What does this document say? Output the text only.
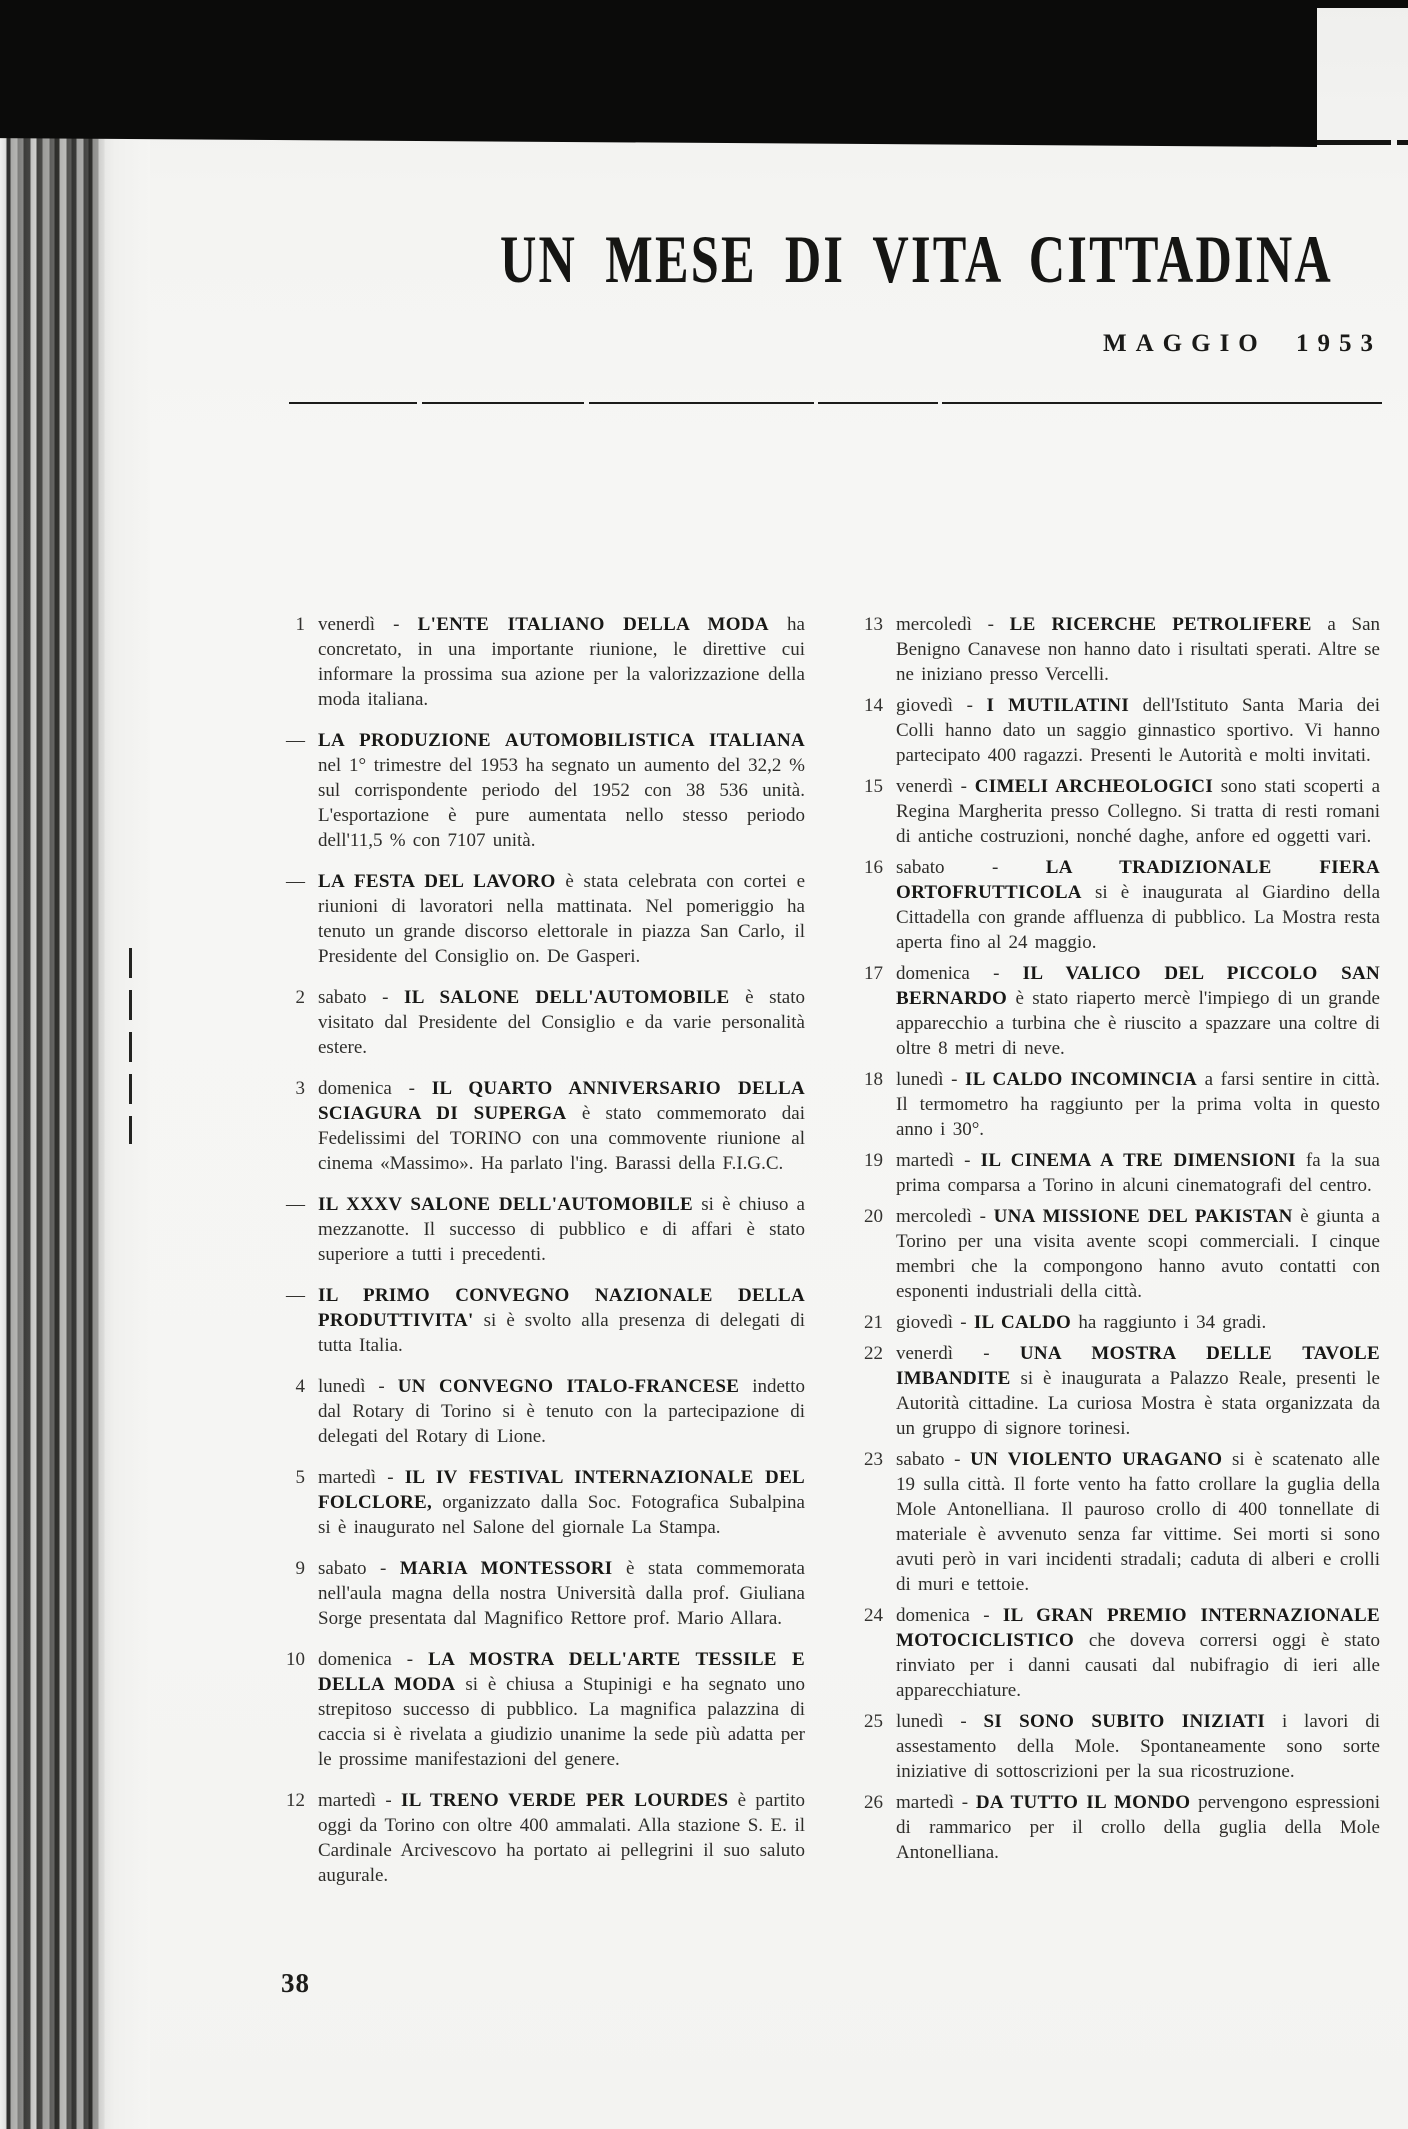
UN MESE DI VITA CITTADINA
MAGGIO 1953
1 venerdì - L'ENTE ITALIANO DELLA MODA ha concretato, in una importante riunione, le direttive cui informare la prossima sua azione per la valorizzazione della moda italiana.
— LA PRODUZIONE AUTOMOBILISTICA ITALIANA nel 1° trimestre del 1953 ha segnato un aumento del 32,2 % sul corrispondente periodo del 1952 con 38 536 unità. L'esportazione è pure aumentata nello stesso periodo dell'11,5 % con 7107 unità.
— LA FESTA DEL LAVORO è stata celebrata con cortei e riunioni di lavoratori nella mattinata. Nel pomeriggio ha tenuto un grande discorso elettorale in piazza San Carlo, il Presidente del Consiglio on. De Gasperi.
2 sabato - IL SALONE DELL'AUTOMOBILE è stato visitato dal Presidente del Consiglio e da varie personalità estere.
3 domenica - IL QUARTO ANNIVERSARIO DELLA SCIAGURA DI SUPERGA è stato commemorato dai Fedelissimi del TORINO con una commovente riunione al cinema «Massimo». Ha parlato l'ing. Barassi della F.I.G.C.
— IL XXXV SALONE DELL'AUTOMOBILE si è chiuso a mezzanotte. Il successo di pubblico e di affari è stato superiore a tutti i precedenti.
— IL PRIMO CONVEGNO NAZIONALE DELLA PRODUTTIVITA' si è svolto alla presenza di delegati di tutta Italia.
4 lunedì - UN CONVEGNO ITALO-FRANCESE indetto dal Rotary di Torino si è tenuto con la partecipazione di delegati del Rotary di Lione.
5 martedì - IL IV FESTIVAL INTERNAZIONALE DEL FOLCLORE, organizzato dalla Soc. Fotografica Subalpina si è inaugurato nel Salone del giornale La Stampa.
9 sabato - MARIA MONTESSORI è stata commemorata nell'aula magna della nostra Università dalla prof. Giuliana Sorge presentata dal Magnifico Rettore prof. Mario Allara.
10 domenica - LA MOSTRA DELL'ARTE TESSILE E DELLA MODA si è chiusa a Stupinigi e ha segnato uno strepitoso successo di pubblico. La magnifica palazzina di caccia si è rivelata a giudizio unanime la sede più adatta per le prossime manifestazioni del genere.
12 martedì - IL TRENO VERDE PER LOURDES è partito oggi da Torino con oltre 400 ammalati. Alla stazione S. E. il Cardinale Arcivescovo ha portato ai pellegrini il suo saluto augurale.
13 mercoledì - LE RICERCHE PETROLIFERE a San Benigno Canavese non hanno dato i risultati sperati. Altre se ne iniziano presso Vercelli.
14 giovedì - I MUTILATINI dell'Istituto Santa Maria dei Colli hanno dato un saggio ginnastico sportivo. Vi hanno partecipato 400 ragazzi. Presenti le Autorità e molti invitati.
15 venerdì - CIMELI ARCHEOLOGICI sono stati scoperti a Regina Margherita presso Collegno. Si tratta di resti romani di antiche costruzioni, nonché daghe, anfore ed oggetti vari.
16 sabato - LA TRADIZIONALE FIERA ORTOFRUTTICOLA si è inaugurata al Giardino della Cittadella con grande affluenza di pubblico. La Mostra resta aperta fino al 24 maggio.
17 domenica - IL VALICO DEL PICCOLO SAN BERNARDO è stato riaperto mercè l'impiego di un grande apparecchio a turbina che è riuscito a spazzare una coltre di oltre 8 metri di neve.
18 lunedì - IL CALDO INCOMINCIA a farsi sentire in città. Il termometro ha raggiunto per la prima volta in questo anno i 30°.
19 martedì - IL CINEMA A TRE DIMENSIONI fa la sua prima comparsa a Torino in alcuni cinematografi del centro.
20 mercoledì - UNA MISSIONE DEL PAKISTAN è giunta a Torino per una visita avente scopi commerciali. I cinque membri che la compongono hanno avuto contatti con esponenti industriali della città.
21 giovedì - IL CALDO ha raggiunto i 34 gradi.
22 venerdì - UNA MOSTRA DELLE TAVOLE IMBANDITE si è inaugurata a Palazzo Reale, presenti le Autorità cittadine. La curiosa Mostra è stata organizzata da un gruppo di signore torinesi.
23 sabato - UN VIOLENTO URAGANO si è scatenato alle 19 sulla città. Il forte vento ha fatto crollare la guglia della Mole Antonelliana. Il pauroso crollo di 400 tonnellate di materiale è avvenuto senza far vittime. Sei morti si sono avuti però in vari incidenti stradali; caduta di alberi e crolli di muri e tettoie.
24 domenica - IL GRAN PREMIO INTERNAZIONALE MOTOCICLISTICO che doveva corrersi oggi è stato rinviato per i danni causati dal nubifragio di ieri alle apparecchiature.
25 lunedì - SI SONO SUBITO INIZIATI i lavori di assestamento della Mole. Spontaneamente sono sorte iniziative di sottoscrizioni per la sua ricostruzione.
26 martedì - DA TUTTO IL MONDO pervengono espressioni di rammarico per il crollo della guglia della Mole Antonelliana.
38
